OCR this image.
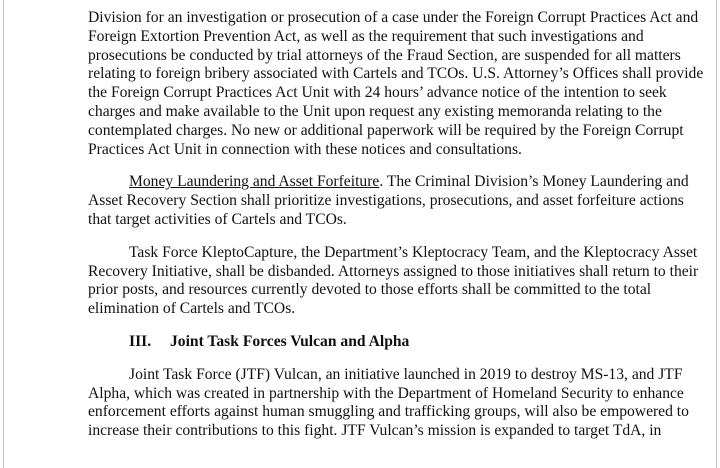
Division for an investigation or prosecution of a case under the Foreign Corrupt Practices Act and
Foreign Extortion Prevention Act, as well as the requirement that such investigations and
prosecutions be conducted by trial attorneys of the Fraud Section, are suspended for all matters
relating to foreign bribery associated with Cartels and TCOs. U.S. Attorney’s Offices shall provide
the Foreign Corrupt Practices Act Unit with 24 hours’ advance notice of the intention to seek
charges and make available to the Unit upon request any existing memoranda relating to the
contemplated charges. No new or additional paperwork will be required by the Foreign Corrupt
Practices Act Unit in connection with these notices and consultations.
Money Laundering and Asset Forfeiture. The Criminal Division’s Money Laundering and
Asset Recovery Section shall prioritize investigations, prosecutions, and asset forfeiture actions
that target activities of Cartels and TCOs.
Task Force KleptoCapture, the Department’s Kleptocracy Team, and the Kleptocracy Asset
Recovery Initiative, shall be disbanded. Attorneys assigned to those initiatives shall return to their
prior posts, and resources currently devoted to those efforts shall be committed to the total
elimination of Cartels and TCOs.
III. Joint Task Forces Vulcan and Alpha
Joint Task Force (JTF) Vulcan, an initiative launched in 2019 to destroy MS-13, and JTF
Alpha, which was created in partnership with the Department of Homeland Security to enhance
enforcement efforts against human smuggling and trafficking groups, will also be empowered to
increase their contributions to this fight. JTF Vulcan’s mission is expanded to target TdA, in
